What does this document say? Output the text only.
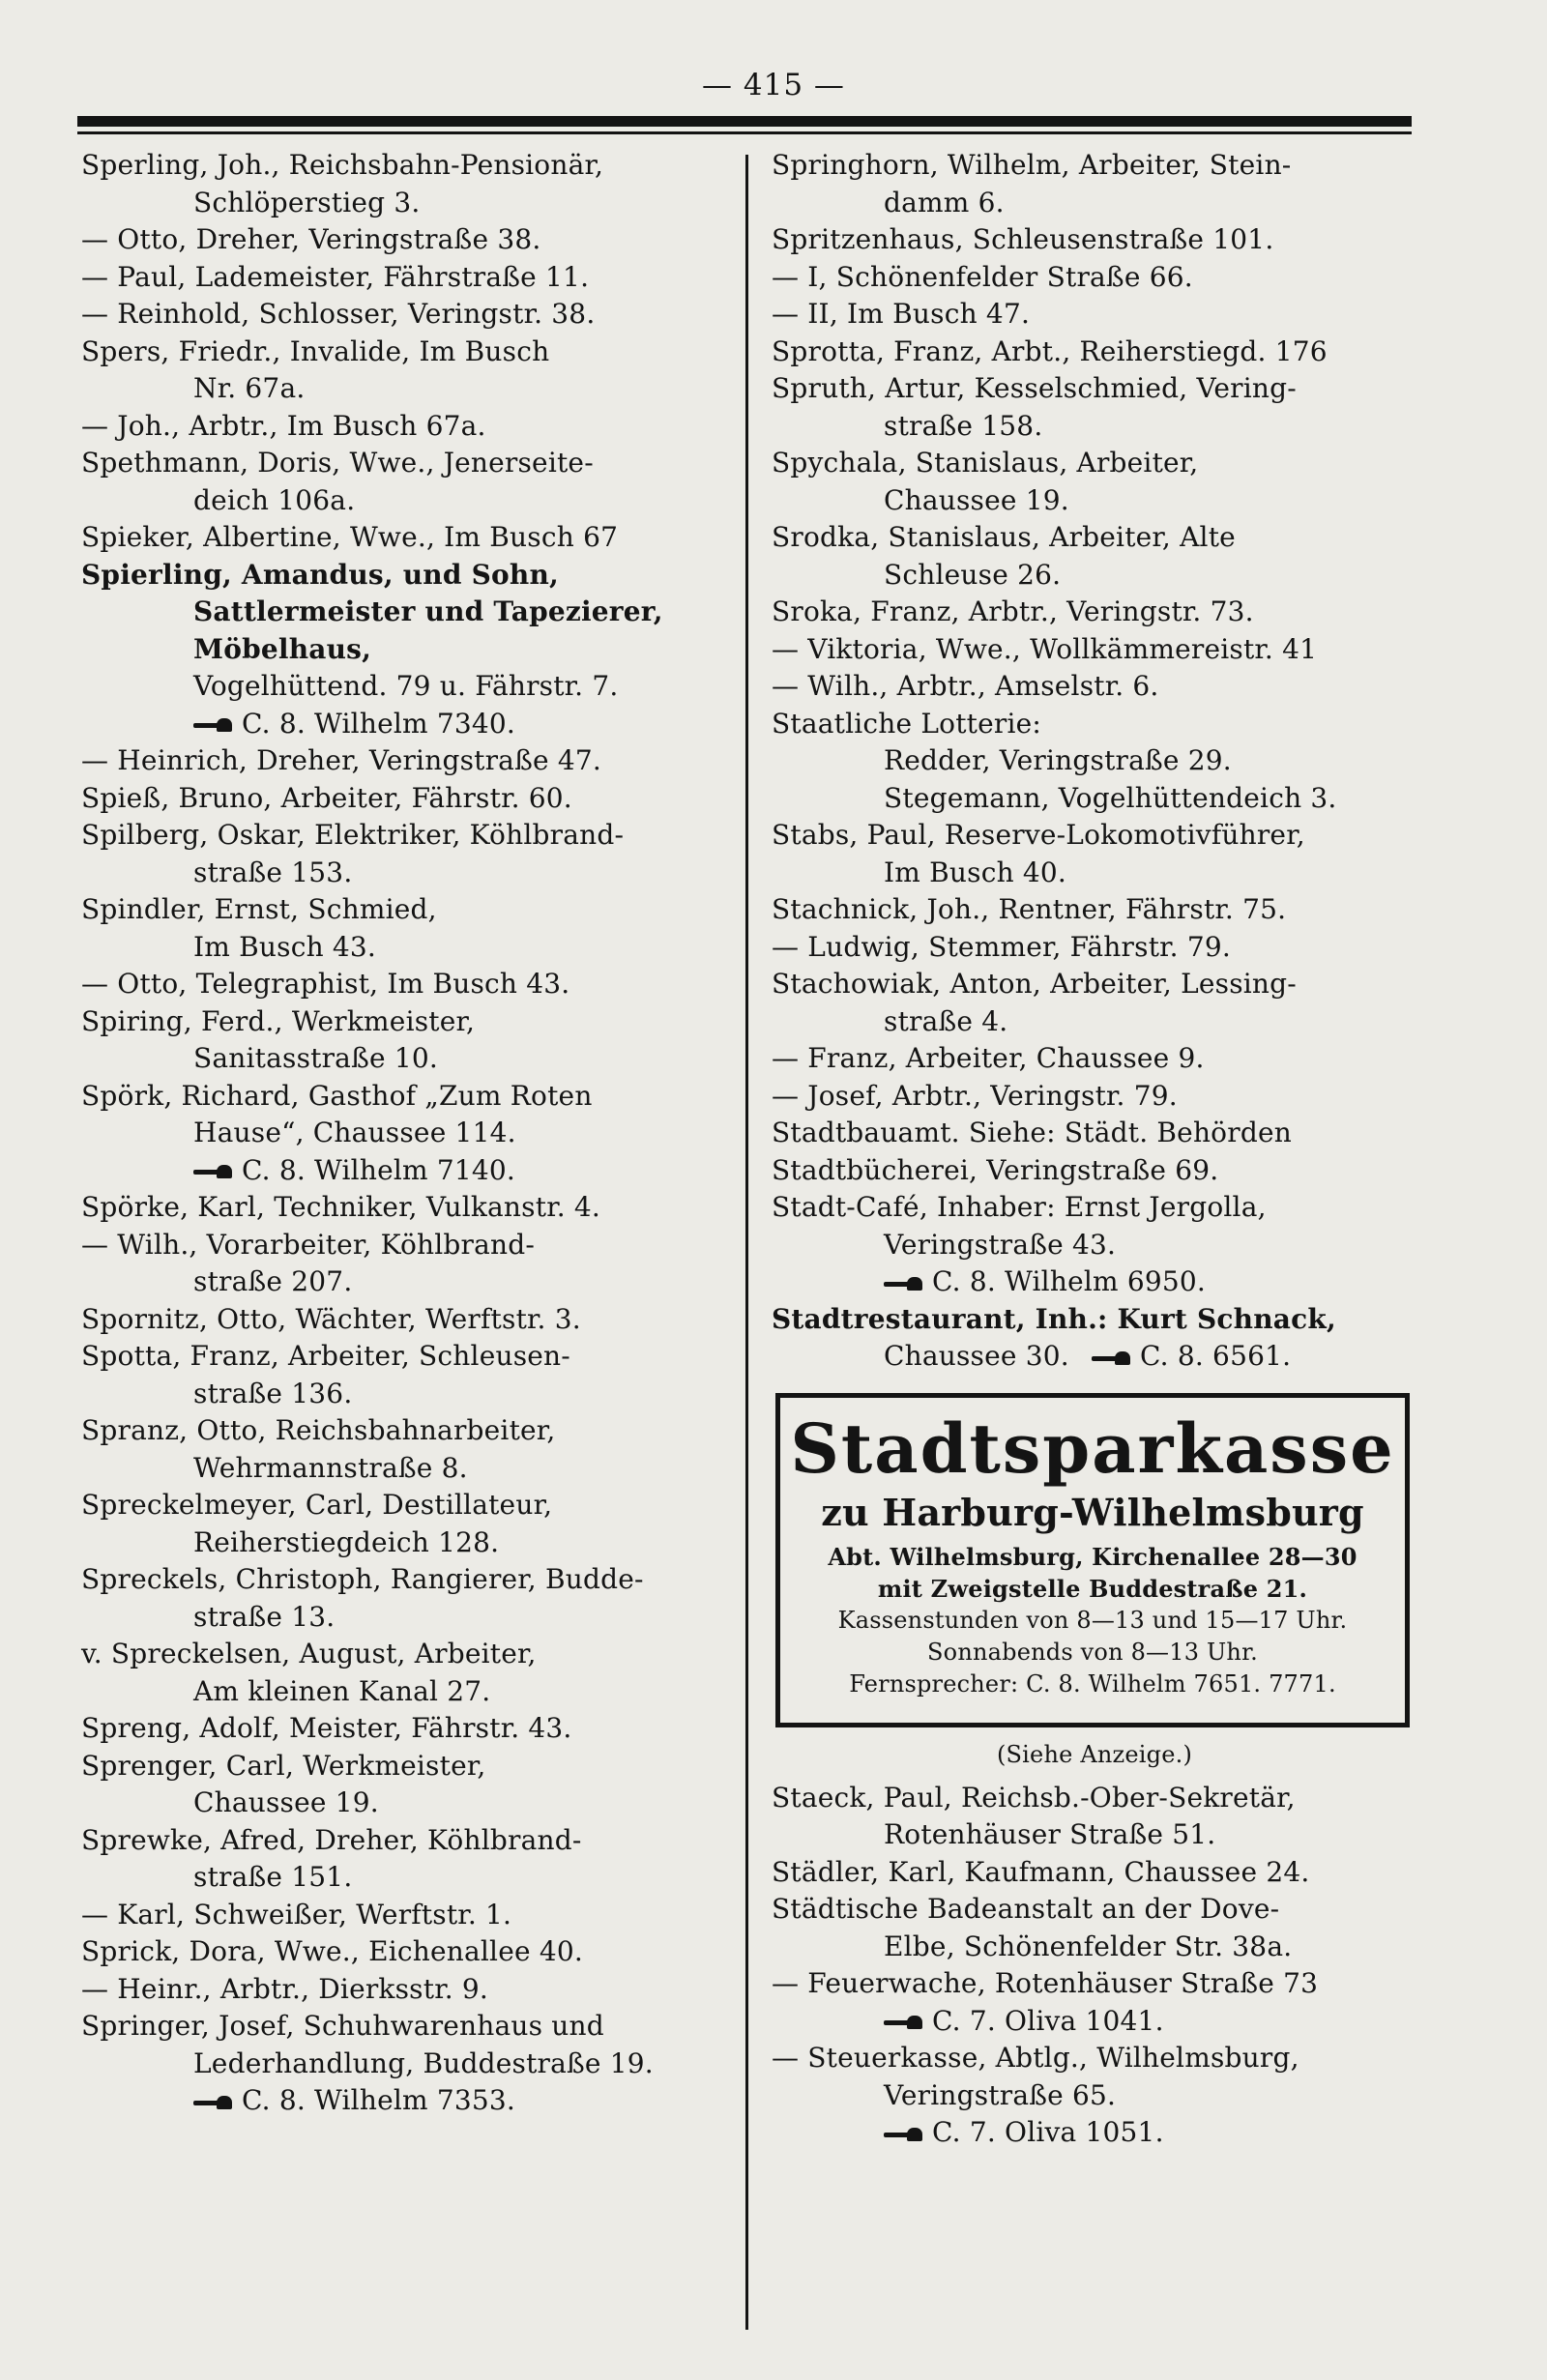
— 415 —
Sperling, Joh., Reichsbahn-Pensionär,
Schlöperstieg 3.
— Otto, Dreher, Veringstraße 38.
— Paul, Lademeister, Fährstraße 11.
— Reinhold, Schlosser, Veringstr. 38.
Spers, Friedr., Invalide, Im Busch
Nr. 67a.
— Joh., Arbtr., Im Busch 67a.
Spethmann, Doris, Wwe., Jenerseite-
deich 106a.
Spieker, Albertine, Wwe., Im Busch 67
Spierling, Amandus, und Sohn,
Sattlermeister und Tapezierer,
Möbelhaus,
Vogelhüttend. 79 u. Fährstr. 7.
C. 8. Wilhelm 7340.
— Heinrich, Dreher, Veringstraße 47.
Spieß, Bruno, Arbeiter, Fährstr. 60.
Spilberg, Oskar, Elektriker, Köhlbrand-
straße 153.
Spindler, Ernst, Schmied,
Im Busch 43.
— Otto, Telegraphist, Im Busch 43.
Spiring, Ferd., Werkmeister,
Sanitasstraße 10.
Spörk, Richard, Gasthof „Zum Roten
Hause“, Chaussee 114.
C. 8. Wilhelm 7140.
Spörke, Karl, Techniker, Vulkanstr. 4.
— Wilh., Vorarbeiter, Köhlbrand-
straße 207.
Spornitz, Otto, Wächter, Werftstr. 3.
Spotta, Franz, Arbeiter, Schleusen-
straße 136.
Spranz, Otto, Reichsbahnarbeiter,
Wehrmannstraße 8.
Spreckelmeyer, Carl, Destillateur,
Reiherstiegdeich 128.
Spreckels, Christoph, Rangierer, Budde-
straße 13.
v. Spreckelsen, August, Arbeiter,
Am kleinen Kanal 27.
Spreng, Adolf, Meister, Fährstr. 43.
Sprenger, Carl, Werkmeister,
Chaussee 19.
Sprewke, Afred, Dreher, Köhlbrand-
straße 151.
— Karl, Schweißer, Werftstr. 1.
Sprick, Dora, Wwe., Eichenallee 40.
— Heinr., Arbtr., Dierksstr. 9.
Springer, Josef, Schuhwarenhaus und
Lederhandlung, Buddestraße 19.
C. 8. Wilhelm 7353.
Springhorn, Wilhelm, Arbeiter, Stein-
damm 6.
Spritzenhaus, Schleusenstraße 101.
— I, Schönenfelder Straße 66.
— II, Im Busch 47.
Sprotta, Franz, Arbt., Reiherstiegd. 176
Spruth, Artur, Kesselschmied, Vering-
straße 158.
Spychala, Stanislaus, Arbeiter,
Chaussee 19.
Srodka, Stanislaus, Arbeiter, Alte
Schleuse 26.
Sroka, Franz, Arbtr., Veringstr. 73.
— Viktoria, Wwe., Wollkämmereistr. 41
— Wilh., Arbtr., Amselstr. 6.
Staatliche Lotterie:
Redder, Veringstraße 29.
Stegemann, Vogelhüttendeich 3.
Stabs, Paul, Reserve-Lokomotivführer,
Im Busch 40.
Stachnick, Joh., Rentner, Fährstr. 75.
— Ludwig, Stemmer, Fährstr. 79.
Stachowiak, Anton, Arbeiter, Lessing-
straße 4.
— Franz, Arbeiter, Chaussee 9.
— Josef, Arbtr., Veringstr. 79.
Stadtbauamt. Siehe: Städt. Behörden
Stadtbücherei, Veringstraße 69.
Stadt-Café, Inhaber: Ernst Jergolla,
Veringstraße 43.
C. 8. Wilhelm 6950.
Stadtrestaurant, Inh.: Kurt Schnack,
Chaussee 30.	C. 8. 6561.
Stadtsparkasse
zu Harburg-Wilhelmsburg
Abt. Wilhelmsburg, Kirchenallee 28—30
mit Zweigstelle Buddestraße 21.
Kassenstunden von 8—13 und 15—17 Uhr.
Sonnabends von 8—13 Uhr.
Fernsprecher: C. 8. Wilhelm 7651. 7771.
(Siehe Anzeige.)
Staeck, Paul, Reichsb.-Ober-Sekretär,
Rotenhäuser Straße 51.
Städler, Karl, Kaufmann, Chaussee 24.
Städtische Badeanstalt an der Dove-
Elbe, Schönenfelder Str. 38a.
— Feuerwache, Rotenhäuser Straße 73
C. 7. Oliva 1041.
— Steuerkasse, Abtlg., Wilhelmsburg,
Veringstraße 65.
C. 7. Oliva 1051.
